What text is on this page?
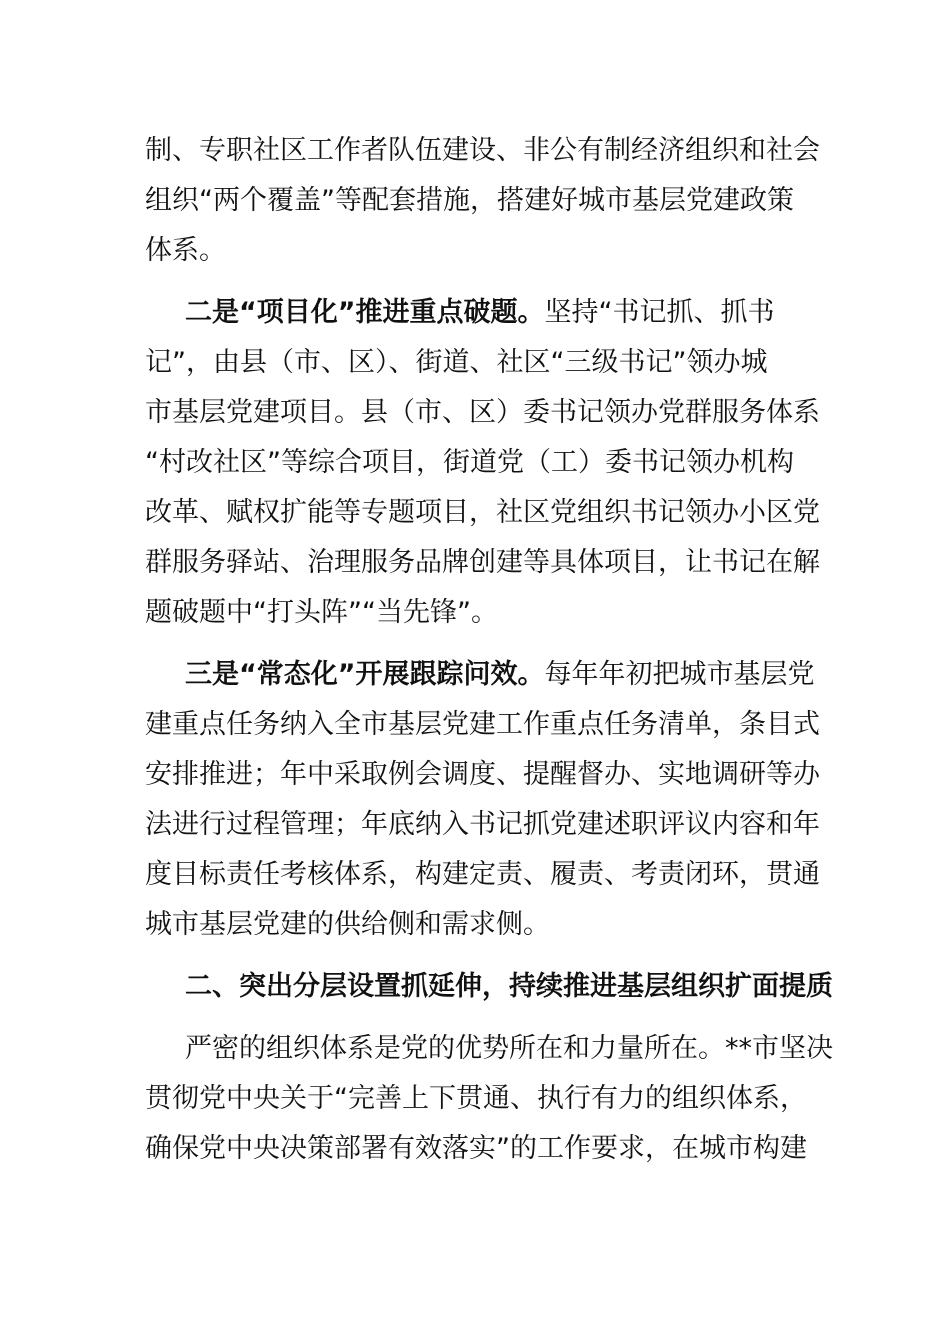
制、专职社区工作者队伍建设、非公有制经济组织和社会
组织“两个覆盖”等配套措施，搭建好城市基层党建政策
体系。
二是“项目化”推进重点破题。坚持“书记抓、抓书
记”，由县（市、区）、街道、社区“三级书记”领办城
市基层党建项目。县（市、区）委书记领办党群服务体系
“村改社区”等综合项目，街道党（工）委书记领办机构
改革、赋权扩能等专题项目，社区党组织书记领办小区党
群服务驿站、治理服务品牌创建等具体项目，让书记在解
题破题中“打头阵”“当先锋”。
三是“常态化”开展跟踪问效。每年年初把城市基层党
建重点任务纳入全市基层党建工作重点任务清单，条目式
安排推进；年中采取例会调度、提醒督办、实地调研等办
法进行过程管理；年底纳入书记抓党建述职评议内容和年
度目标责任考核体系，构建定责、履责、考责闭环，贯通
城市基层党建的供给侧和需求侧。
二、突出分层设置抓延伸，持续推进基层组织扩面提质
严密的组织体系是党的优势所在和力量所在。**市坚决
贯彻党中央关于“完善上下贯通、执行有力的组织体系，
确保党中央决策部署有效落实”的工作要求，在城市构建
